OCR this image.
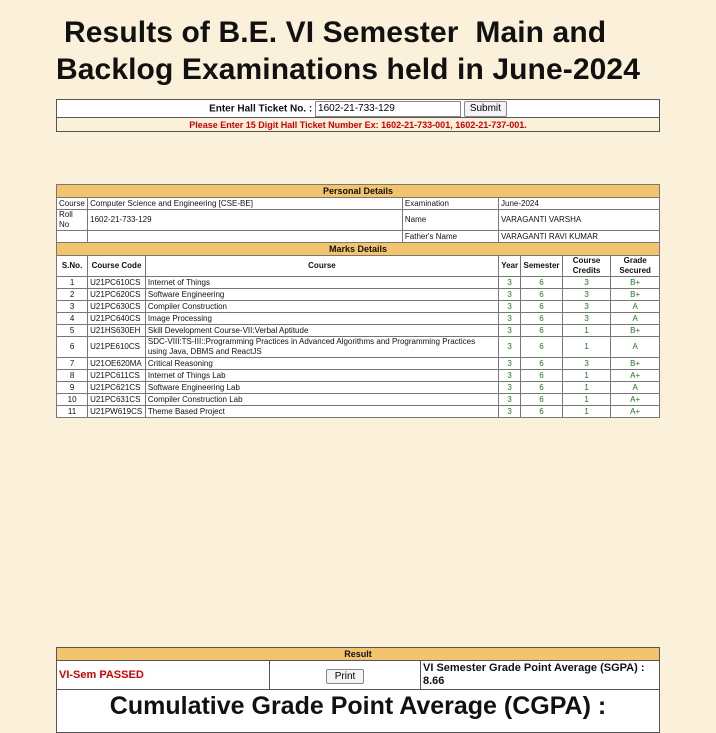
Results of B.E. VI Semester  Main and
Backlog Examinations held in June-2024
Enter Hall Ticket No. : 1602-21-733-129	Submit
Please Enter 15 Digit Hall Ticket Number Ex: 1602-21-733-001, 1602-21-737-001.
Personal Details							
Course	Computer Science and Engineering [CSE-BE]		Examination	June-2024			
Roll No	1602-21-733-129		Name	VARAGANTI VARSHA			
			Father's Name	VARAGANTI RAVI KUMAR			
Marks Details							
S.No.	Course Code	Course		Year	Semester	Course Credits	Grade Secured
1	U21PC610CS	Internet of Things		3	6	3	B+
2	U21PC620CS	Software Engineering		3	6	3	B+
3	U21PC630CS	Compiler Construction		3	6	3	A
4	U21PC640CS	Image Processing		3	6	3	A
5	U21HS630EH	Skill Development Course-VII:Verbal Aptitude		3	6	1	B+
6	U21PE610CS	SDC-VIII:TS-III::Programming Practices in Advanced Algorithms and Programming Practices using Java, DBMS and ReactJS		3	6	1	A
7	U21OE620MA	Critical Reasoning		3	6	3	B+
8	U21PC611CS	Internet of Things Lab		3	6	1	A+
9	U21PC621CS	Software Engineering Lab		3	6	1	A
10	U21PC631CS	Compiler Construction Lab		3	6	1	A+
11	U21PW619CS	Theme Based Project		3	6	1	A+
Result
VI-Sem PASSED	Print	VI Semester Grade Point Average (SGPA) :
8.66
Cumulative Grade Point Average (CGPA) :
